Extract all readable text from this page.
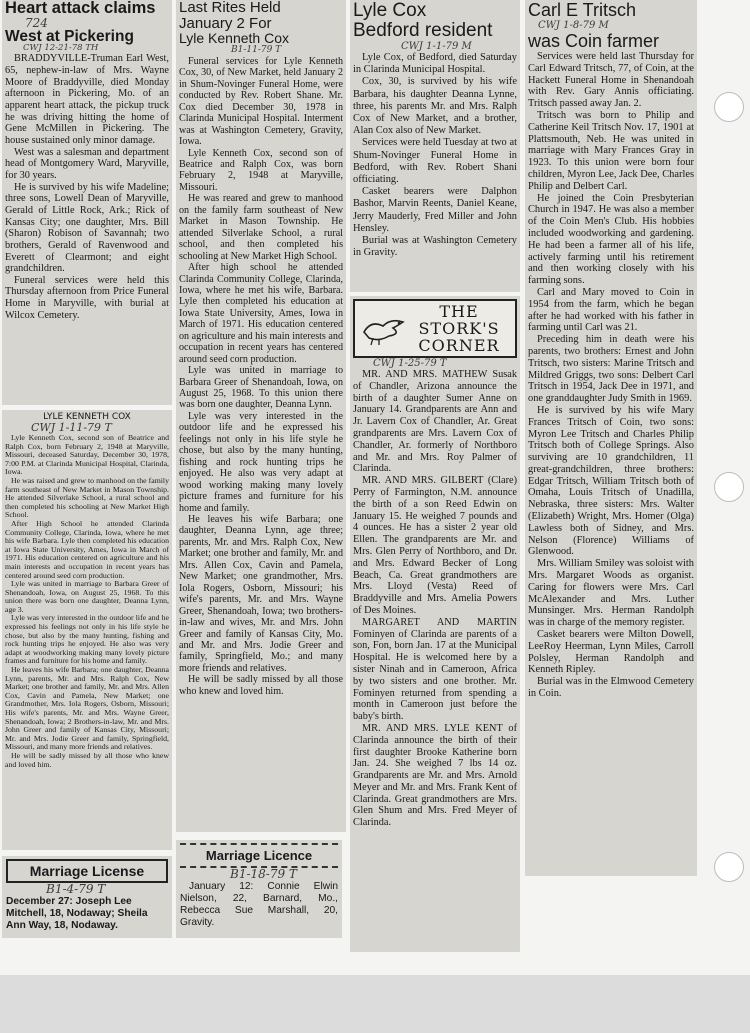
Heart attack claims
724
West at Pickering
CWJ 12-21-78 TH

BRADDYVILLE-Truman Earl West, 65, nephew-in-law of Mrs. Wayne Moore of Braddyville, died Monday afternoon in Pickering, Mo. of an apparent heart attack, the pickup truck he was driving hitting the home of Gene McMillen in Pickering. The house sustained only minor damage.

West was a salesman and department head of Montgomery Ward, Maryville, for 30 years.

He is survived by his wife Madeline; three sons, Lowell Dean of Maryville, Gerald of Little Rock, Ark.; Rick of Kansas City; one daughter, Mrs. Bill (Sharon) Robison of Savannah; two brothers, Gerald of Ravenwood and Everett of Clearmont; and eight grandchildren.

Funeral services were held this Thursday afternoon from Price Funeral Home in Maryville, with burial at Wilcox Cemetery.

LYLE KENNETH COX
CWJ 1-11-79 T

Lyle Kenneth Cox, second son of Beatrice and Ralph Cox, born February 2, 1948 at Maryville, Missouri, deceased Saturday, December 30, 1978, 7:00 P.M. at Clarinda Municipal Hospital, Clarinda, Iowa.

He was raised and grew to manhood on the family farm southeast of New Market in Mason Township. He attended Silverlake School, a rural school and then completed his schooling at New Market High School.

After High School he attended Clarinda Community College, Clarinda, Iowa, where he met his wife Barbara. Lyle then completed his education at Iowa State University, Ames, Iowa in March of 1971. His education centered on agriculture and his main interests and occupation in recent years has centered around seed corn production.

Lyle was united in marriage to Barbara Greer of Shenandoah, Iowa, on August 25, 1968. To this union there was born one daughter, Deanna Lynn, age 3.

Lyle was very interested in the outdoor life and he expressed his feelings not only in his life style he chose, but also by the many hunting, fishing and rock hunting trips he enjoyed. He also was very adapt at woodworking making many lovely picture frames and furniture for his home and family.

He leaves his wife Barbara; one daughter, Deanna Lynn, parents, Mr. and Mrs. Ralph Cox, New Market; one brother and family, Mr. and Mrs. Allen Cox, Cavin and Pamela, New Market; one Grandmother, Mrs. Iola Rogers, Osborn, Missouri; His wife's parents, Mr. and Mrs. Wayne Greer, Shenandoah, Iowa; 2 Brothers-in-law, Mr. and Mrs. John Greer and family of Kansas City, Missouri; Mr. and Mrs. Jodie Greer and family, Springfield, Missouri, and many more friends and relatives.

He will be sadly missed by all those who knew and loved him.

Marriage License
B1-4-79 T
December 27: Joseph Lee Mitchell, 18, Nodaway; Sheila Ann Way, 18, Nodaway.
Last Rites Held
January 2 For
Lyle Kenneth Cox
B1-11-79 T

Funeral services for Lyle Kenneth Cox, 30, of New Market, held January 2 in Shum-Novinger Funeral Home, were conducted by Rev. Robert Shane. Mr. Cox died December 30, 1978 in Clarinda Municipal Hospital. Interment was at Washington Cemetery, Gravity, Iowa.

Lyle Kenneth Cox, second son of Beatrice and Ralph Cox, was born February 2, 1948 at Maryville, Missouri.

He was reared and grew to manhood on the family farm southeast of New Market in Mason Township. He attended Silverlake School, a rural school, and then completed his schooling at New Market High School.

After high school he attended Clarinda Community College, Clarinda, Iowa, where he met his wife, Barbara. Lyle then completed his education at Iowa State University, Ames, Iowa in March of 1971. His education centered on agriculture and his main interests and occupation in recent years has centered around seed corn production.

Lyle was united in marriage to Barbara Greer of Shenandoah, Iowa, on August 25, 1968. To this union there was born one daughter, Deanna Lynn.

Lyle was very interested in the outdoor life and he expressed his feelings not only in his life style he chose, but also by the many hunting, fishing and rock hunting trips he enjoyed. He also was very adapt at wood working making many lovely picture frames and furniture for his home and family.

He leaves his wife Barbara; one daughter, Deanna Lynn, age three; parents, Mr. and Mrs. Ralph Cox, New Market; one brother and family, Mr. and Mrs. Allen Cox, Cavin and Pamela, New Market; one grandmother, Mrs. Iola Rogers, Osborn, Missouri; his wife's parents, Mr. and Mrs. Wayne Greer, Shenandoah, Iowa; two brothers-in-law and wives, Mr. and Mrs. John Greer and family of Kansas City, Mo. and Mr. and Mrs. Jodie Greer and family, Springfield, Mo.; and many more friends and relatives.

He will be sadly missed by all those who knew and loved him.

Marriage Licence
B1-18-79 T
January 12: Connie Elwin Nielson, 22, Barnard, Mo., Rebecca Sue Marshall, 20, Gravity.
Lyle Cox
Bedford resident
CWJ 1-1-79 M

Lyle Cox, of Bedford, died Saturday in Clarinda Municipal Hospital.

Cox, 30, is survived by his wife Barbara, his daughter Deanna Lynne, three, his parents Mr. and Mrs. Ralph Cox of New Market, and a brother, Alan Cox also of New Market.

Services were held Tuesday at two at Shum-Novinger Funeral Home in Bedford, with Rev. Robert Shani officiating.

Casket bearers were Dalphon Bashor, Marvin Reents, Daniel Keane, Jerry Mauderly, Fred Miller and John Hensley.

Burial was at Washington Cemetery in Gravity.

THE
STORK'S
CORNER
CWJ 1-25-79 T

MR. AND MRS. MATHEW Susak of Chandler, Arizona announce the birth of a daughter Sumer Anne on January 14. Grandparents are Ann and Jr. Lavern Cox of Chandler, Ar. Great grandparents are Mrs. Lavern Cox of Chandler, Ar. formerly of Northboro and Mr. and Mrs. Roy Palmer of Clarinda.

MR. AND MRS. GILBERT (Clare) Perry of Farmington, N.M. announce the birth of a son Reed Edwin on January 15. He weighed 7 pounds and 4 ounces. He has a sister 2 year old Ellen. The grandparents are Mr. and Mrs. Glen Perry of Northboro, and Dr. and Mrs. Edward Becker of Long Beach, Ca. Great grandmothers are Mrs. Lloyd (Vesta) Reed of Braddyville and Mrs. Amelia Powers of Des Moines.

MARGARET AND MARTIN Fominyen of Clarinda are parents of a son, Fon, born Jan. 17 at the Municipal Hospital. He is welcomed here by a sister Ninah and in Cameroon, Africa by two sisters and one brother. Mr. Fominyen returned from spending a month in Cameroon just before the baby's birth.

MR. AND MRS. LYLE KENT of Clarinda announce the birth of their first daughter Brooke Katherine born Jan. 24. She weighed 7 lbs 14 oz. Grandparents are Mr. and Mrs. Arnold Meyer and Mr. and Mrs. Frank Kent of Clarinda. Great grandmothers are Mrs. Glen Shum and Mrs. Fred Meyer of Clarinda.

Carl E Tritsch
CWJ 1-8-79 M
was Coin farmer

Services were held last Thursday for Carl Edward Tritsch, 77, of Coin, at the Hackett Funeral Home in Shenandoah with Rev. Gary Annis officiating. Tritsch passed away Jan. 2.

Tritsch was born to Philip and Catherine Keil Tritsch Nov. 17, 1901 at Plattsmouth, Neb. He was united in marriage with Mary Frances Gray in 1923. To this union were born four children, Myron Lee, Jack Dee, Charles Philip and Delbert Carl.

He joined the Coin Presbyterian Church in 1947. He was also a member of the Coin Men's Club. His hobbies included woodworking and gardening. He had been a farmer all of his life, actively farming until his retirement and then working closely with his farming sons.

Carl and Mary moved to Coin in 1954 from the farm, which he began after he had worked with his father in farming until Carl was 21.

Preceding him in death were his parents, two brothers: Ernest and John Tritsch, two sisters: Marine Tritsch and Mildred Griggs, two sons: Delbert Carl Tritsch in 1954, Jack Dee in 1971, and one granddaughter Judy Smith in 1969.

He is survived by his wife Mary Frances Tritsch of Coin, two sons: Myron Lee Tritsch and Charles Philip Tritsch both of College Springs. Also surviving are 10 grandchildren, 11 great-grandchildren, three brothers: Edgar Tritsch, William Tritsch both of Omaha, Louis Tritsch of Unadilla, Nebraska, three sisters: Mrs. Walter (Elizabeth) Wright, Mrs. Homer (Olga) Lawless both of Sidney, and Mrs. Nelson (Florence) Williams of Glenwood.

Mrs. William Smiley was soloist with Mrs. Margaret Woods as organist. Caring for flowers were Mrs. Carl McAlexander and Mrs. Luther Munsinger. Mrs. Herman Randolph was in charge of the memory register.

Casket bearers were Milton Dowell, LeeRoy Heerman, Lynn Miles, Carroll Polsley, Herman Randolph and Kenneth Ripley.

Burial was in the Elmwood Cemetery in Coin.
